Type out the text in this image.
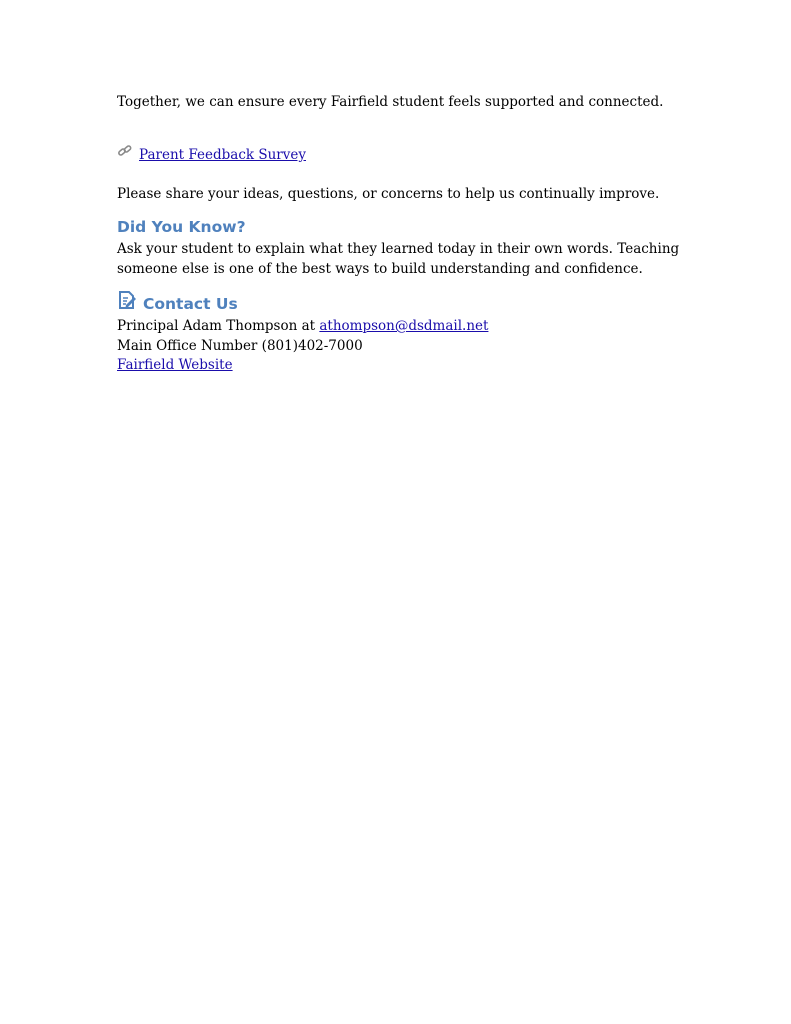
Together, we can ensure every Fairfield student feels supported and connected.
Parent Feedback Survey
Please share your ideas, questions, or concerns to help us continually improve.
Did You Know?
Ask your student to explain what they learned today in their own words. Teaching someone else is one of the best ways to build understanding and confidence.
Contact Us
Principal Adam Thompson at athompson@dsdmail.net
Main Office Number (801)402-7000
Fairfield Website
